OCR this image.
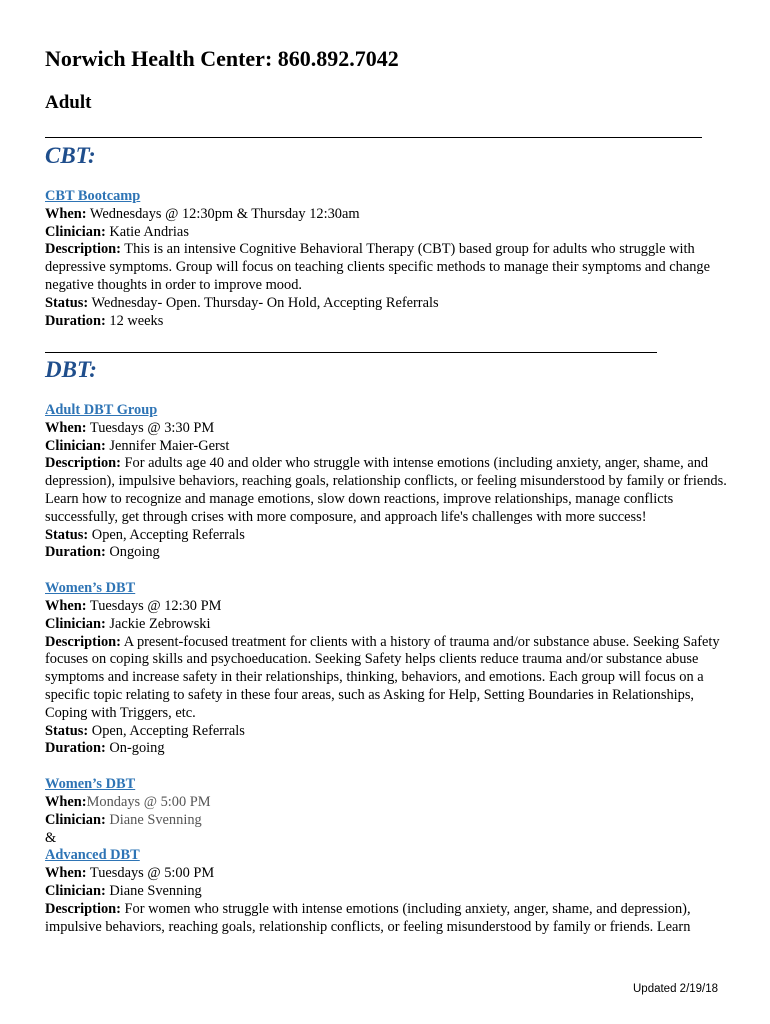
Norwich Health Center: 860.892.7042
Adult
CBT:

CBT Bootcamp

When: Wednesdays @ 12:30pm & Thursday 12:30am

Clinician: Katie Andrias

Description: This is an intensive Cognitive Behavioral Therapy (CBT) based group for adults who struggle with depressive symptoms. Group will focus on teaching clients specific methods to manage their symptoms and change negative thoughts in order to improve mood.

Status: Wednesday- Open. Thursday- On Hold, Accepting Referrals

Duration: 12 weeks

DBT:

Adult DBT Group

When: Tuesdays @ 3:30 PM

Clinician: Jennifer Maier-Gerst

Description: For adults age 40 and older who struggle with intense emotions (including anxiety, anger, shame, and depression), impulsive behaviors, reaching goals, relationship conflicts, or feeling misunderstood by family or friends. Learn how to recognize and manage emotions, slow down reactions, improve relationships, manage conflicts successfully, get through crises with more composure, and approach life's challenges with more success!

Status: Open, Accepting Referrals

Duration: Ongoing

Women’s DBT

When: Tuesdays @ 12:30 PM

Clinician: Jackie Zebrowski

Description: A present-focused treatment for clients with a history of trauma and/or substance abuse. Seeking Safety focuses on coping skills and psychoeducation. Seeking Safety helps clients reduce trauma and/or substance abuse symptoms and increase safety in their relationships, thinking, behaviors, and emotions. Each group will focus on a specific topic relating to safety in these four areas, such as Asking for Help, Setting Boundaries in Relationships, Coping with Triggers, etc.

Status: Open, Accepting Referrals

Duration: On-going

Women’s DBT

When:Mondays @ 5:00 PM

Clinician: Diane Svenning

&

Advanced DBT

When: Tuesdays @ 5:00 PM

Clinician: Diane Svenning

Description: For women who struggle with intense emotions (including anxiety, anger, shame, and depression), impulsive behaviors, reaching goals, relationship conflicts, or feeling misunderstood by family or friends. Learn

Updated 2/19/18
